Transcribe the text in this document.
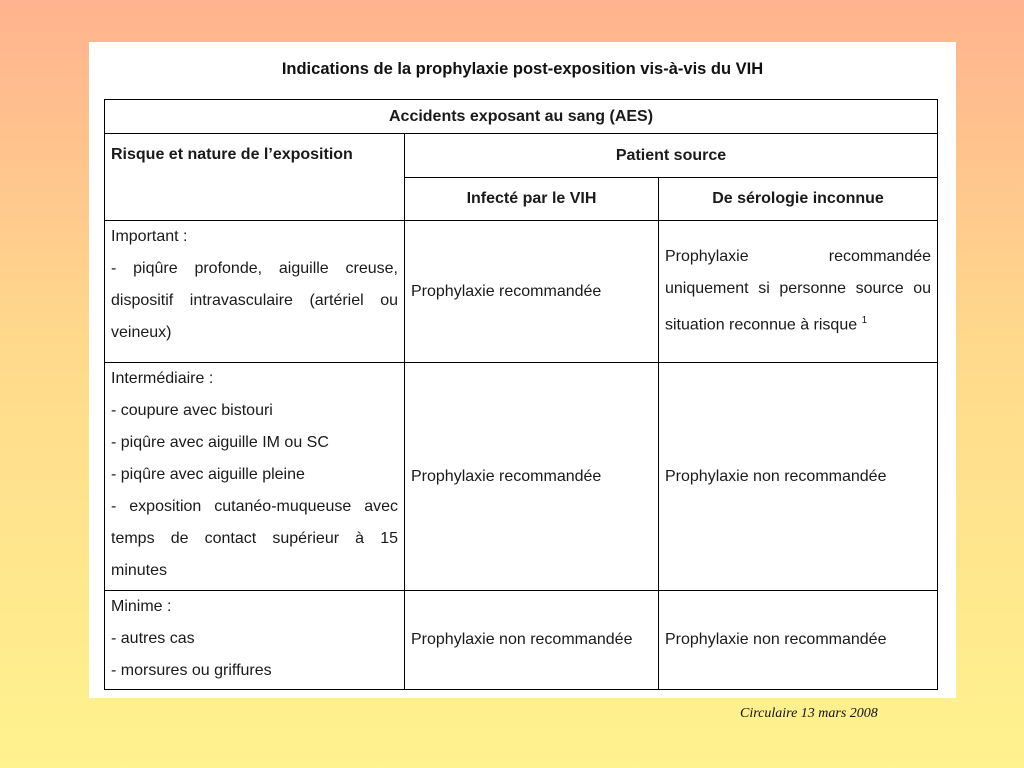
Indications de la prophylaxie post-exposition vis-à-vis du VIH
Accidents exposant au sang (AES)		
Risque et nature de l’exposition	Patient source	
	Infecté par le VIH	De sérologie inconnue

Important :
- piqûre profonde, aiguille creuse, dispositif intravasculaire (artériel ou veineux)	Prophylaxie recommandée	Prophylaxie recommandée uniquement si personne source ou situation reconnue à risque $^1$

Intermédiaire :
- coupure avec bistouri
- piqûre avec aiguille IM ou SC
- piqûre avec aiguille pleine
- exposition cutanéo-muqueuse avec temps de contact supérieur à 15 minutes	Prophylaxie recommandée	Prophylaxie non recommandée

Minime :
- autres cas
- morsures ou griffures	Prophylaxie non recommandée	Prophylaxie non recommandée
Circulaire 13 mars 2008
